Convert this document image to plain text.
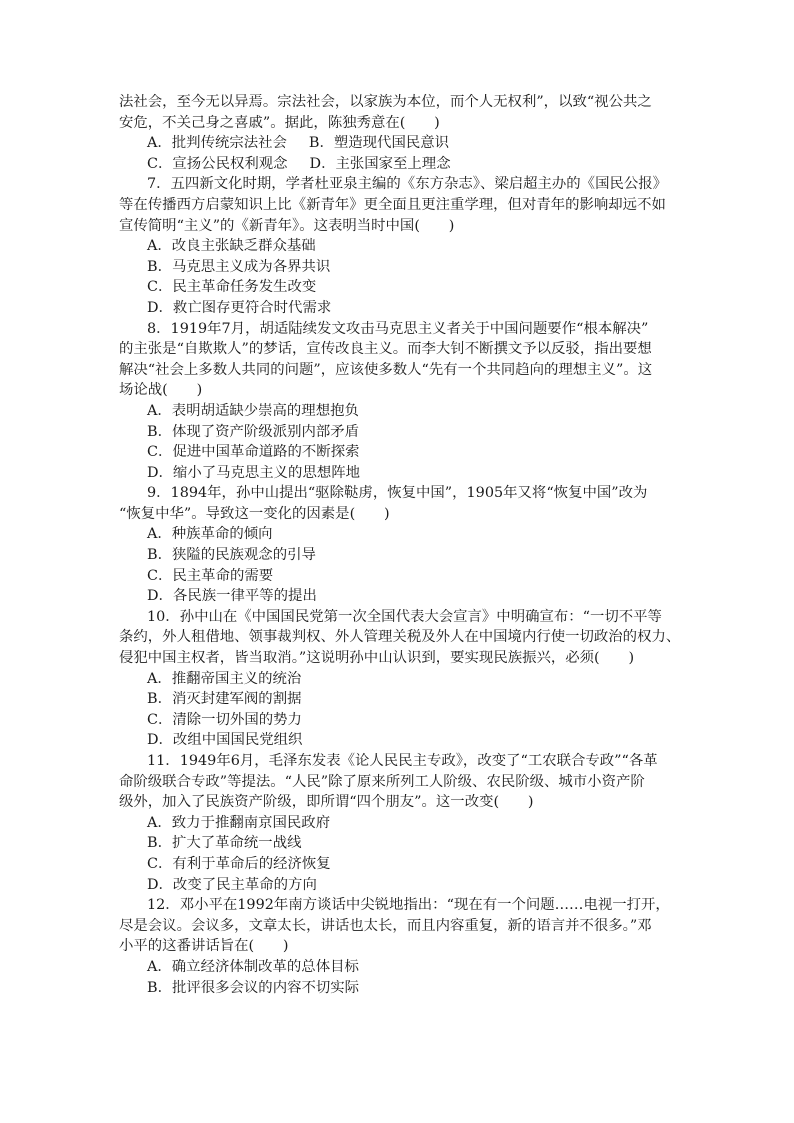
法社会，至今无以异焉。宗法社会，以家族为本位，而个人无权利”，以致“视公共之
安危，不关己身之喜戚”。据此，陈独秀意在(　　)
A．批判传统宗法社会 B．塑造现代国民意识
C．宣扬公民权利观念 D．主张国家至上理念
7．五四新文化时期，学者杜亚泉主编的《东方杂志》、梁启超主办的《国民公报》
等在传播西方启蒙知识上比《新青年》更全面且更注重学理，但对青年的影响却远不如
宣传简明“主义”的《新青年》。这表明当时中国(　　)
A．改良主张缺乏群众基础
B．马克思主义成为各界共识
C．民主革命任务发生改变
D．救亡图存更符合时代需求
8．1919年7月，胡适陆续发文攻击马克思主义者关于中国问题要作“根本解决”
的主张是“自欺欺人”的梦话，宣传改良主义。而李大钊不断撰文予以反驳，指出要想
解决“社会上多数人共同的问题”，应该使多数人“先有一个共同趋向的理想主义”。这
场论战(　　)
A．表明胡适缺少崇高的理想抱负
B．体现了资产阶级派别内部矛盾
C．促进中国革命道路的不断探索
D．缩小了马克思主义的思想阵地
9．1894年，孙中山提出“驱除鞑虏，恢复中国”，1905年又将“恢复中国”改为
“恢复中华”。导致这一变化的因素是(　　)
A．种族革命的倾向
B．狭隘的民族观念的引导
C．民主革命的需要
D．各民族一律平等的提出
10．孙中山在《中国国民党第一次全国代表大会宣言》中明确宣布：“一切不平等
条约，外人租借地、领事裁判权、外人管理关税及外人在中国境内行使一切政治的权力、
侵犯中国主权者，皆当取消。”这说明孙中山认识到，要实现民族振兴，必须(　　)
A．推翻帝国主义的统治
B．消灭封建军阀的割据
C．清除一切外国的势力
D．改组中国国民党组织
11．1949年6月，毛泽东发表《论人民民主专政》，改变了“工农联合专政”“各革
命阶级联合专政”等提法。“人民”除了原来所列工人阶级、农民阶级、城市小资产阶
级外，加入了民族资产阶级，即所谓“四个朋友”。这一改变(　　)
A．致力于推翻南京国民政府
B．扩大了革命统一战线
C．有利于革命后的经济恢复
D．改变了民主革命的方向
12．邓小平在1992年南方谈话中尖锐地指出：“现在有一个问题……电视一打开，
尽是会议。会议多，文章太长，讲话也太长，而且内容重复，新的语言并不很多。”邓
小平的这番讲话旨在(　　)
A．确立经济体制改革的总体目标
B．批评很多会议的内容不切实际
